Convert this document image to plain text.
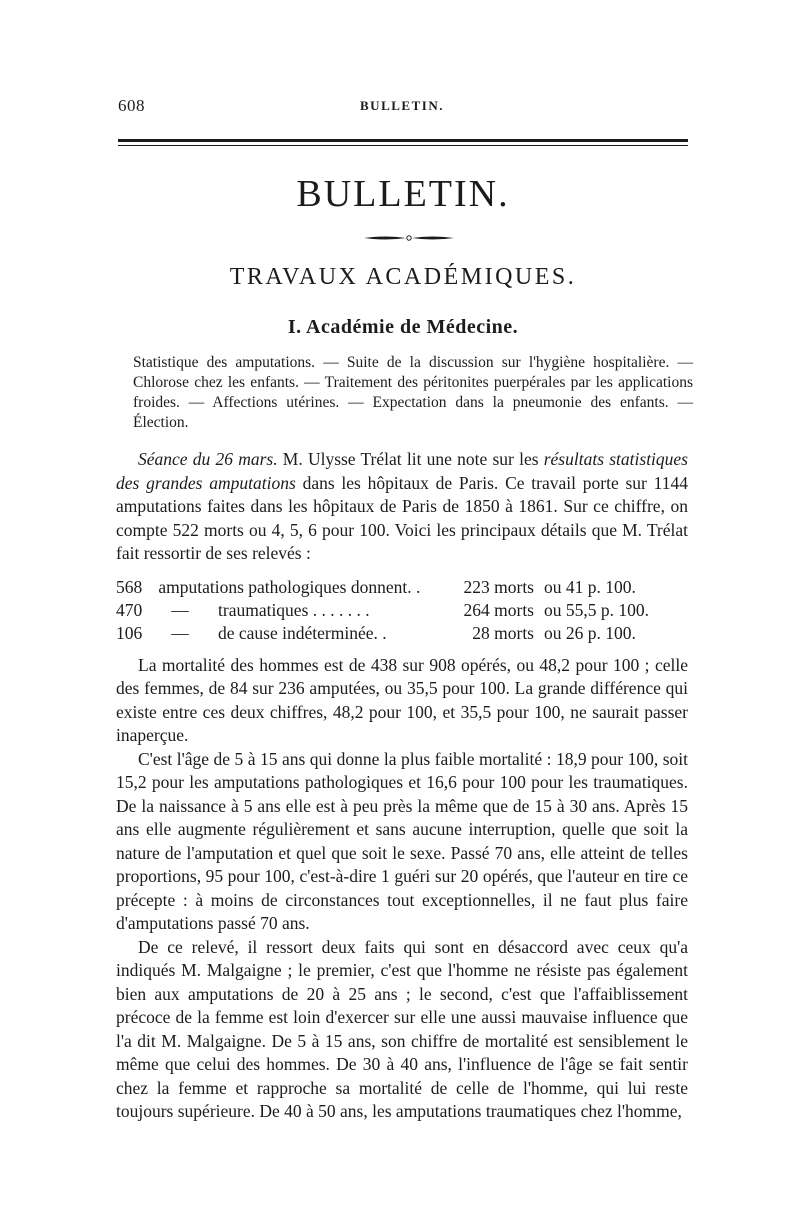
608	BULLETIN.
BULLETIN.
TRAVAUX ACADÉMIQUES.
I. Académie de Médecine.

Statistique des amputations. — Suite de la discussion sur l'hygiène hospitalière. — Chlorose chez les enfants. — Traitement des péritonites puerpérales par les applications froides. — Affections utérines. — Expectation dans la pneumonie des enfants. — Élection.

Séance du 26 mars. M. Ulysse Trélat lit une note sur les résultats statistiques des grandes amputations dans les hôpitaux de Paris. Ce travail porte sur 1144 amputations faites dans les hôpitaux de Paris de 1850 à 1861. Sur ce chiffre, on compte 522 morts ou 4, 5, 6 pour 100. Voici les principaux détails que M. Trélat fait ressortir de ses relevés :

568 amputations pathologiques donnent. .	223 morts ou 41 p. 100.
470	— traumatiques . . . . . . .	264 morts ou 55,5 p. 100.
106	— de cause indéterminée. .	28 morts ou 26 p. 100.

La mortalité des hommes est de 438 sur 908 opérés, ou 48,2 pour 100 ; celle des femmes, de 84 sur 236 amputées, ou 35,5 pour 100. La grande différence qui existe entre ces deux chiffres, 48,2 pour 100, et 35,5 pour 100, ne saurait passer inaperçue.

C'est l'âge de 5 à 15 ans qui donne la plus faible mortalité : 18,9 pour 100, soit 15,2 pour les amputations pathologiques et 16,6 pour 100 pour les traumatiques. De la naissance à 5 ans elle est à peu près la même que de 15 à 30 ans. Après 15 ans elle augmente régulièrement et sans aucune interruption, quelle que soit la nature de l'amputation et quel que soit le sexe. Passé 70 ans, elle atteint de telles proportions, 95 pour 100, c'est-à-dire 1 guéri sur 20 opérés, que l'auteur en tire ce précepte : à moins de circonstances tout exceptionnelles, il ne faut plus faire d'amputations passé 70 ans.

De ce relevé, il ressort deux faits qui sont en désaccord avec ceux qu'a indiqués M. Malgaigne ; le premier, c'est que l'homme ne résiste pas également bien aux amputations de 20 à 25 ans ; le second, c'est que l'affaiblissement précoce de la femme est loin d'exercer sur elle une aussi mauvaise influence que l'a dit M. Malgaigne. De 5 à 15 ans, son chiffre de mortalité est sensiblement le même que celui des hommes. De 30 à 40 ans, l'influence de l'âge se fait sentir chez la femme et rapproche sa mortalité de celle de l'homme, qui lui reste toujours supérieure. De 40 à 50 ans, les amputations traumatiques chez l'homme,
